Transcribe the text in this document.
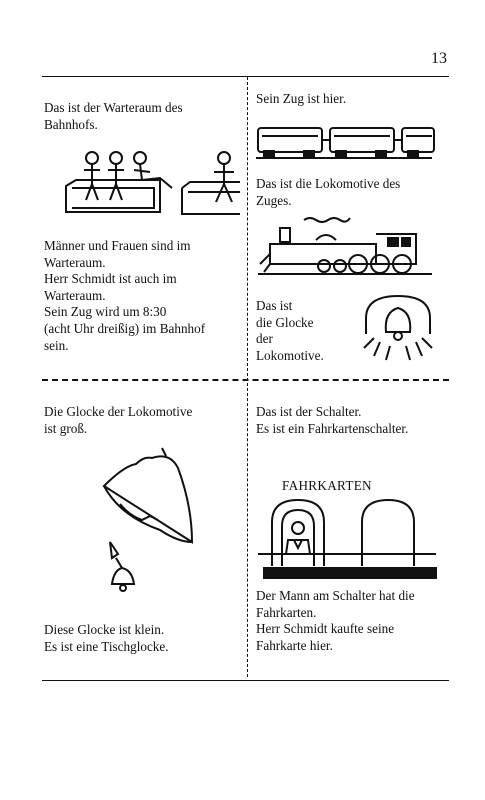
13
Das ist der Warteraum des
Bahnhofs.
Männer und Frauen sind im
Warteraum.
Herr Schmidt ist auch im
Warteraum.
Sein Zug wird um 8:30
(acht Uhr dreißig) im Bahnhof
sein.
Sein Zug ist hier.
Das ist die Lokomotive des
Zuges.
Das ist
die Glocke
der
Lokomotive.
Die Glocke der Lokomotive
ist groß.
Diese Glocke ist klein.
Es ist eine Tischglocke.
Das ist der Schalter.
Es ist ein Fahrkartenschalter.
FAHRKARTEN
Der Mann am Schalter hat die
Fahrkarten.
Herr Schmidt kaufte seine
Fahrkarte hier.
